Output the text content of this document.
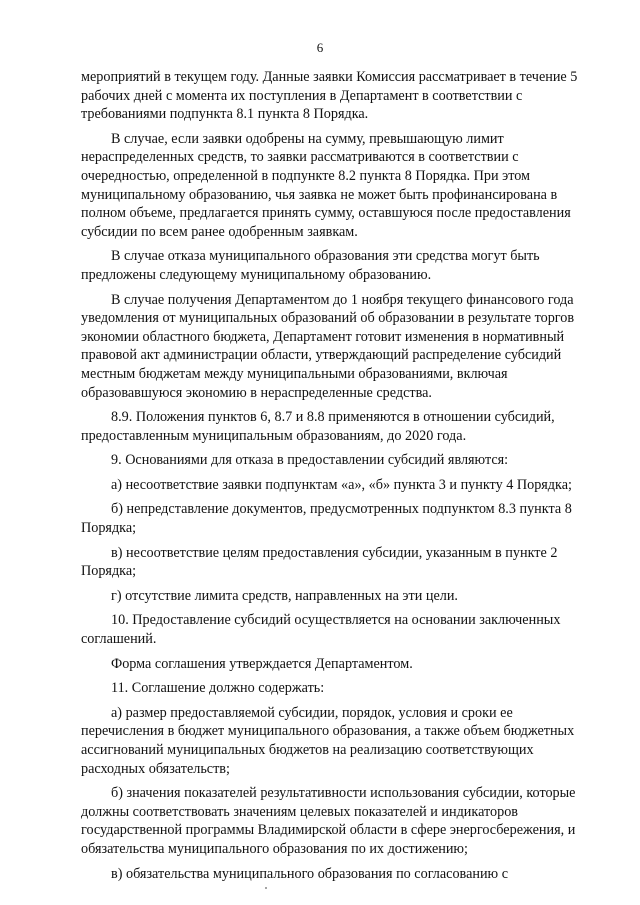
6

мероприятий в текущем году. Данные заявки Комиссия рассматривает в течение 5
рабочих дней с момента их поступления в Департамент в соответствии с
требованиями подпункта 8.1 пункта 8 Порядка.

В случае, если заявки одобрены на сумму, превышающую лимит
нераспределенных средств, то заявки рассматриваются в соответствии с
очередностью, определенной в подпункте 8.2 пункта 8 Порядка. При этом
муниципальному образованию, чья заявка не может быть профинансирована в
полном объеме, предлагается принять сумму, оставшуюся после предоставления
субсидии по всем ранее одобренным заявкам.

В случае отказа муниципального образования эти средства могут быть
предложены следующему муниципальному образованию.

В случае получения Департаментом до 1 ноября текущего финансового года
уведомления от муниципальных образований об образовании в результате торгов
экономии областного бюджета, Департамент готовит изменения в нормативный
правовой акт администрации области, утверждающий распределение субсидий
местным бюджетам между муниципальными образованиями, включая
образовавшуюся экономию в нераспределенные средства.

8.9. Положения пунктов 6, 8.7 и 8.8 применяются в отношении субсидий,
предоставленным муниципальным образованиям, до 2020 года.

9. Основаниями для отказа в предоставлении субсидий являются:

а) несоответствие заявки подпунктам «а», «б» пункта 3 и пункту 4 Порядка;

б) непредставление документов, предусмотренных подпунктом 8.3 пункта 8
Порядка;

в) несоответствие целям предоставления субсидии, указанным в пункте 2
Порядка;

г) отсутствие лимита средств, направленных на эти цели.

10. Предоставление субсидий осуществляется на основании заключенных
соглашений.

Форма соглашения утверждается Департаментом.

11. Соглашение должно содержать:

а) размер предоставляемой субсидии, порядок, условия и сроки ее
перечисления в бюджет муниципального образования, а также объем бюджетных
ассигнований муниципальных бюджетов на реализацию соответствующих
расходных обязательств;

б) значения показателей результативности использования субсидии, которые
должны соответствовать значениям целевых показателей и индикаторов
государственной программы Владимирской области в сфере энергосбережения, и
обязательства муниципального образования по их достижению;

в) обязательства муниципального образования по согласованию с
